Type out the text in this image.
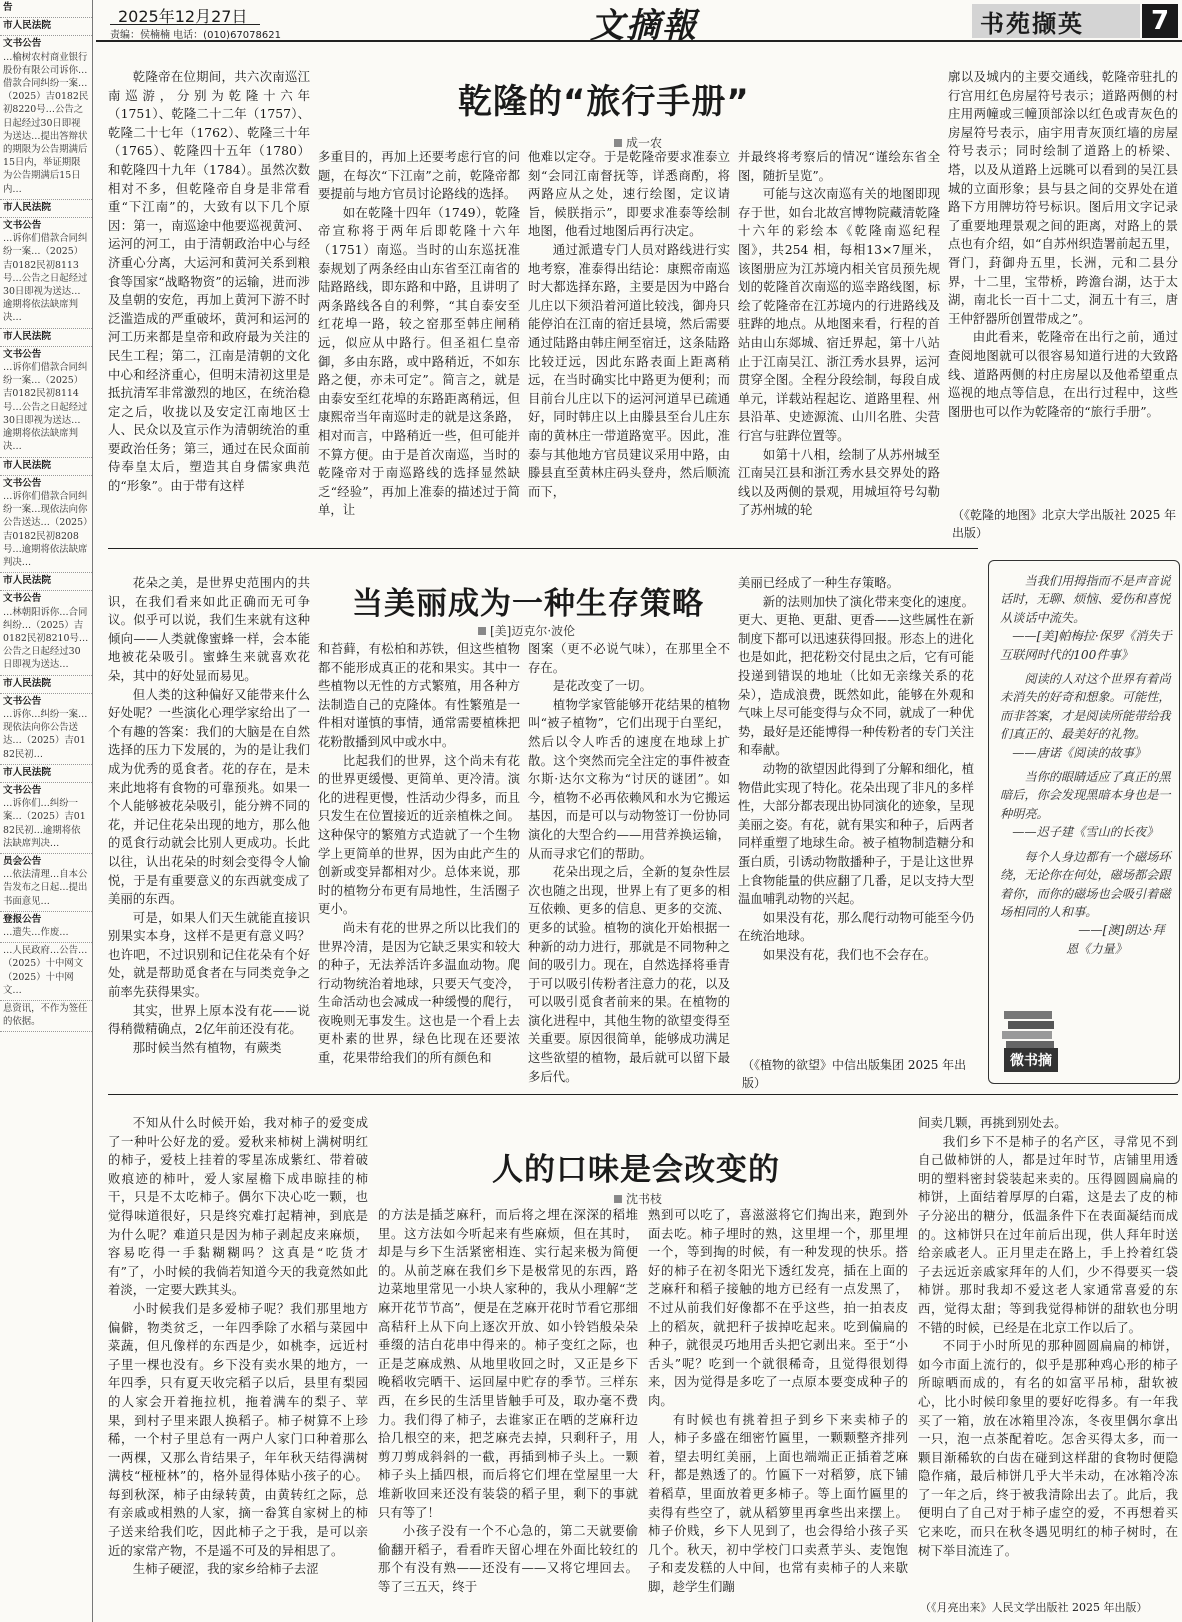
告
市人民法院
文书公告
…榆树农村商业银行股份有限公司诉你…借款合同纠纷一案…（2025）吉0182民初8220号…公告之日起经过30日即视为送达…提出答辩状的期限为公告期满后15日内，举证期限为公告期满后15日内…
市人民法院
文书公告
…诉你们借款合同纠纷一案…（2025）吉0182民初8113号…公告之日起经过30日即视为送达…逾期将依法缺席判决…
市人民法院
文书公告
…诉你们借款合同纠纷一案…（2025）吉0182民初8114号…公告之日起经过30日即视为送达…逾期将依法缺席判决…
市人民法院
文书公告
…诉你们借款合同纠纷一案…现依法向你公告送达…（2025）吉0182民初8208号…逾期将依法缺席判决…
市人民法院
文书公告
…林朝阳诉你…合同纠纷…（2025）吉0182民初8210号…公告之日起经过30日即视为送达…
市人民法院
文书公告
…诉你…纠纷一案…现依法向你公告送达…（2025）吉0182民初…
市人民法院
文书公告
…诉你们…纠纷一案…（2025）吉0182民初…逾期将依法缺席判决…
员会公告
…依法清理…自本公告发布之日起…提出书面意见…
登报公告
…遗失…作废…
…人民政府…公告…（2025）十中网文（2025）十中网文…
息资讯，不作为签任的依据。
2025年12月27日
责编：侯楠楠 电话：(010)67078621	文摘報	书苑撷英	7
乾隆的“旅行手册”
成一农

乾隆帝在位期间，共六次南巡江南巡游，分别为乾隆十六年（1751）、乾隆二十二年（1757）、乾隆二十七年（1762）、乾隆三十年（1765）、乾隆四十五年（1780）和乾隆四十九年（1784）。虽然次数相对不多，但乾隆帝自身是非常看重“下江南”的，大致有以下几个原因：第一，南巡途中他要巡视黄河、运河的河工，由于清朝政治中心与经济重心分离，大运河和黄河关系到粮食等国家“战略物资”的运输，进而涉及皇朝的安危，再加上黄河下游不时泛滥造成的严重破坏，黄河和运河的河工历来都是皇帝和政府最为关注的民生工程；第二，江南是清朝的文化中心和经济重心，但明末清初这里是抵抗清军非常激烈的地区，在统治稳定之后，收拢以及安定江南地区士人、民众以及宣示作为清朝统治的重要政治任务；第三，通过在民众面前侍奉皇太后，塑造其自身儒家典范的“形象”。由于带有这样

多重目的，再加上还要考虑行官的问题，在每次“下江南”之前，乾隆帝都要提前与地方官员讨论路线的选择。

如在乾隆十四年（1749），乾隆帝宣称将于两年后即乾隆十六年（1751）南巡。当时的山东巡抚准泰规划了两条经由山东省至江南省的陆路路线，即东路和中路，且讲明了两条路线各自的利弊，“其自泰安至红花埠一路，较之窑那至韩庄闸稍远，似应从中路行。但圣祖仁皇帝御，多由东路，或中路稍近，不如东路之便，亦未可定”。简言之，就是由泰安至红花埠的东路距离稍远，但康熙帝当年南巡时走的就是这条路，相对而言，中路稍近一些，但可能并不算方便。由于是首次南巡，当时的乾隆帝对于南巡路线的选择显然缺乏“经验”，再加上准泰的描述过于简单，让

他难以定夺。于是乾隆帝要求准泰立刻“会同江南督抚等，详悉商酌，将两路应从之处，速行绘图，定议请旨，候朕指示”，即要求准泰等绘制地图，他看过地图后再行决定。

通过派遣专门人员对路线进行实地考察，准泰得出结论：康熙帝南巡时大都选择东路，主要是因为中路台儿庄以下须沿着河道比较浅，御舟只能停泊在江南的宿迁县境，然后需要通过陆路由韩庄闸至宿迁，这条陆路比较迂远，因此东路表面上距离稍远，在当时确实比中路更为便利；而目前台儿庄以下的运河河道早已疏通好，同时韩庄以上由滕县至台儿庄东南的黄林庄一带道路宽平。因此，准泰与其他地方官员建议采用中路，由滕县直至黄林庄码头登舟，然后顺流而下，

并最终将考察后的情况“谨绘东省全图，随折呈览”。

可能与这次南巡有关的地图即现存于世，如台北故宫博物院藏清乾隆十六年的彩绘本《乾隆南巡纪程图》，共254 相，每相13×7厘米，该图册应为江苏境内相关官员预先规划的乾隆首次南巡的巡幸路线图，标绘了乾隆帝在江苏境内的行进路线及驻跸的地点。从地图来看，行程的首站由山东郯城、宿迁界起，第十八站止于江南吴江、浙江秀水县界，运河贯穿全图。全程分段绘制，每段自成单元，详载站程起讫、道路里程、州县沿革、史迹源流、山川名胜、尖营行宫与驻跸位置等。

如第十八相，绘制了从苏州城至江南吴江县和浙江秀水县交界处的路线以及两侧的景观，用城垣符号勾勒了苏州城的轮

廓以及城内的主要交通线，乾隆帝驻扎的行宫用红色房屋符号表示；道路两侧的村庄用两幢或三幢顶部涂以红色或青灰色的房屋符号表示，庙宇用青灰顶红墙的房屋符号表示；同时绘制了道路上的桥梁、塔，以及从道路上远眺可以看到的吴江县城的立面形象；县与县之间的交界处在道路下方用牌坊符号标识。图后用文字记录了重要地理景观之间的距离，对路上的景点也有介绍，如“自苏州织造署前起五里，胥门，葑御舟五里，长洲，元和二县分界，十二里，宝带桥，跨澹台湖，达于太湖，南北长一百十二丈，洞五十有三，唐王仲舒器所创置带成之”。

由此看来，乾隆帝在出行之前，通过查阅地图就可以很容易知道行进的大致路线、道路两侧的村庄房屋以及他希望重点巡视的地点等信息，在出行过程中，这些图册也可以作为乾隆帝的“旅行手册”。

（《乾隆的地图》北京大学出版社 2025 年出版）
当美丽成为一种生存策略
[美]迈克尔·波伦

花朵之美，是世界史范围内的共识，在我们看来如此正确而无可争议。似乎可以说，我们生来就有这种倾向——人类就像蜜蜂一样，会本能地被花朵吸引。蜜蜂生来就喜欢花朵，其中的好处显而易见。

但人类的这种偏好又能带来什么好处呢？一些演化心理学家给出了一个有趣的答案：我们的大脑是在自然选择的压力下发展的，为的是让我们成为优秀的觅食者。花的存在，是未来此地将有食物的可靠预兆。如果一个人能够被花朵吸引，能分辨不同的花，并记住花朵出现的地方，那么他的觅食行动就会比别人更成功。长此以往，认出花朵的时刻会变得令人愉悦，于是有重要意义的东西就变成了美丽的东西。

可是，如果人们天生就能直接识别果实本身，这样不是更有意义吗？也许吧，不过识别和记住花朵有个好处，就是帮助觅食者在与同类竞争之前率先获得果实。

其实，世界上原本没有花——说得稍微精确点，2亿年前还没有花。

那时候当然有植物，有蕨类

和苔藓，有松柏和苏铁，但这些植物都不能形成真正的花和果实。其中一些植物以无性的方式繁殖，用各种方法制造自己的克隆体。有性繁殖是一件相对谨慎的事情，通常需要植株把花粉散播到风中或水中。

比起我们的世界，这个尚未有花的世界更缓慢、更简单、更冷清。演化的进程更慢，性活动少得多，而且只发生在位置接近的近亲植株之间。这种保守的繁殖方式造就了一个生物学上更简单的世界，因为由此产生的创新或变异都相对少。总体来说，那时的植物分布更有局地性，生活圈子更小。

尚未有花的世界之所以比我们的世界冷清，是因为它缺乏果实和较大的种子，无法养活许多温血动物。爬行动物统治着地球，只要天气变冷，生命活动也会减成一种缓慢的爬行，夜晚则无事发生。这也是一个看上去更朴素的世界，绿色比现在还要浓重，花果带给我们的所有颜色和

图案（更不必说气味），在那里全不存在。

是花改变了一切。

植物学家管能够开花结果的植物叫“被子植物”，它们出现于白垩纪，然后以令人咋舌的速度在地球上扩散。这个突然而完全注定的事件被查尔斯·达尔文称为“讨厌的谜团”。如今，植物不必再依赖风和水为它搬运基因，而是可以与动物签订一份协同演化的大型合约——用营养换运输，从而寻求它们的帮助。

花朵出现之后，全新的复杂性层次也随之出现，世界上有了更多的相互依赖、更多的信息、更多的交流、更多的试验。植物的演化开始根据一种新的动力进行，那就是不同物种之间的吸引力。现在，自然选择将垂青于可以吸引传粉者注意力的花，以及可以吸引觅食者前来的果。在植物的演化进程中，其他生物的欲望变得至关重要。原因很简单，能够成功满足这些欲望的植物，最后就可以留下最多后代。

美丽已经成了一种生存策略。

新的法则加快了演化带来变化的速度。更大、更艳、更甜、更香——这些属性在新制度下都可以迅速获得回报。形态上的进化也是如此，把花粉交付昆虫之后，它有可能投递到错误的地址（比如无亲缘关系的花朵），造成浪费，既然如此，能够在外观和气味上尽可能变得与众不同，就成了一种优势，最好是还能博得一种传粉者的专门关注和奉献。

动物的欲望因此得到了分解和细化，植物借此实现了特化。花朵出现了非凡的多样性，大部分都表现出协同演化的迹象，呈现美丽之姿。有花，就有果实和种子，后两者同样重塑了地球生命。被子植物制造糖分和蛋白质，引诱动物散播种子，于是让这世界上食物能量的供应翻了几番，足以支持大型温血哺乳动物的兴起。

如果没有花，那么爬行动物可能至今仍在统治地球。

如果没有花，我们也不会存在。

（《植物的欲望》中信出版集团 2025 年出版）

当我们用拇指而不是声音说话时，无聊、烦恼、爱伤和喜悦从谈话中流失。

——[美]帕梅拉·保罗《消失于互联网时代的100件事》

阅读的人对这个世界有着尚未消失的好奇和想象。可能性，而非答案，才是阅读所能带给我们真正的、最美好的礼物。

——唐诺《阅读的故事》

当你的眼睛适应了真正的黑暗后，你会发现黑暗本身也是一种明亮。

——迟子建《雪山的长夜》

每个人身边都有一个磁场环绕，无论你在何处，磁场都会跟着你，而你的磁场也会吸引着磁场相同的人和事。

——[澳]朗达·拜恩《力量》

微书摘
人的口味是会改变的
沈书枝

不知从什么时候开始，我对柿子的爱变成了一种叶公好龙的爱。爱秋来柿树上满树明红的柿子，爱枝上挂着的零星冻成紫红、带着破败痕迹的柿叶，爱人家屋檐下成串晾挂的柿干，只是不太吃柿子。偶尔下决心吃一颗，也觉得味道很好，只是终究难打起精神，到底是为什么呢？难道只是因为柿子剥起皮来麻烦，容易吃得一手黏糊糊吗？这真是“吃货才有”了，小时候的我倘若知道今天的我竟然如此着淡，一定要大跌其头。

小时候我们是多爱柿子呢？我们那里地方偏僻，物类贫乏，一年四季除了水稻与菜园中菜蔬，但凡像样的东西是少，如桃李，远近村子里一棵也没有。乡下没有卖水果的地方，一年四季，只有夏天收完稻子以后，县里有梨园的人家会开着拖拉机，拖着满车的梨子、苹果，到村子里来跟人换稻子。柿子树算不上珍稀，一个村子里总有一两户人家门口种着那么一两棵，又那么肯结果子，年年秋天结得满树满枝“桠桠林”的，格外显得体贴小孩子的心。每到秋深，柿子由绿转黄，由黄转红之际，总有亲戚或相熟的人家，摘一畚箕自家树上的柿子送来给我们吃，因此柿子之于我，是可以亲近的家常产物，不是遥不可及的异相思了。

生柿子硬涩，我的家乡给柿子去涩

的方法是插芝麻秆，而后将之埋在深深的稻堆里。这方法如今听起来有些麻烦，但在其时，却是与乡下生活紧密相连、实行起来极为简便的。从前芝麻在我们乡下是极常见的东西，路边菜地里常见一小块人家种的，我从小理解“芝麻开花节节高”，便是在芝麻开花时节看它那细高秸秆上从下向上逐次开放、如小铃铛般朵朵垂缀的洁白花串中得来的。柿子变红之际，也正是芝麻成熟、从地里收回之时，又正是乡下晚稻收完晒干、运回屋中贮存的季节。三样东西，在乡民的生活里皆触手可及，取办毫不费力。我们得了柿子，去谁家正在晒的芝麻秆边拾几根空的来，把芝麻壳去掉，只剩秆子，用剪刀剪成斜斜的一截，再插到柿子头上。一颗柿子头上插四根，而后将它们埋在堂屋里一大堆新收回来还没有装袋的稻子里，剩下的事就只有等了！

小孩子没有一个不心急的，第二天就要偷偷翻开稻子，看看昨天留心埋在外面比较红的那个有没有熟——还没有——又将它埋回去。等了三五天，终于

熟到可以吃了，喜滋滋将它们掏出来，跑到外面去吃。柿子埋时的熟，这里埋一个，那里埋一个，等到掏的时候，有一种发现的快乐。搭好的柿子在初冬阳光下透红发亮，插在上面的芝麻秆和稻子接触的地方已经有一点发黑了，不过从前我们好像都不在乎这些，拍一拍表皮上的稻灰，就把秆子拔掉吃起来。吃到偏扁的种子，就很灵巧地用舌头把它剥出来。至于“小舌头”呢？吃到一个就很稀奇，且觉得很划得来，因为觉得是多吃了一点原本要变成种子的肉。

有时候也有挑着担子到乡下来卖柿子的人，柿子多盛在细密竹匾里，一颗颗整齐排列着，望去明红美丽，上面也端端正正插着芝麻秆，都是熟透了的。竹匾下一对稻箩，底下铺着稻草，里面放着更多柿子。等上面竹匾里的卖得有些空了，就从稻箩里再拿些出来摆上。柿子价贱，乡下人见到了，也会得给小孩子买几个。秋天，初中学校门口卖煮芋头、麦饱饱子和麦发糕的人中间，也常有卖柿子的人来歇脚，趁学生们蹦

间卖几颗，再挑到别处去。

我们乡下不是柿子的名产区，寻常见不到自己做柿饼的人，都是过年时节，店铺里用透明的塑料密封袋装起来卖的。压得圆圆扁扁的柿饼，上面结着厚厚的白霜，这是去了皮的柿子分泌出的糖分，低温条件下在表面凝结而成的。这柿饼只在过年前后出现，供人拜年时送给亲戚老人。正月里走在路上，手上拎着红袋子去远近亲戚家拜年的人们，少不得要买一袋柿饼。那时我却不爱这老人家通常喜爱的东西，觉得太甜；等到我觉得柿饼的甜软也分明不错的时候，已经是在北京工作以后了。

不同于小时所见的那种圆圆扁扁的柿饼，如今市面上流行的，似乎是那种鸡心形的柿子所晾晒而成的，有名的如富平吊柿，甜软被心，比小时候印象里的要好吃得多。有一年我买了一箱，放在冰箱里冷冻，冬夜里偶尔拿出一只，泡一点茶配着吃。怎舍买得太多，而一颗目渐稀软的白齿在碰到这样甜的食物时便隐隐作痛，最后柿饼几乎大半未动，在冰箱冷冻了一年之后，终于被我清除出去了。此后，我便明白了自己对于柿子虚空的爱，不再想着买它来吃，而只在秋冬遇见明红的柿子树时，在树下举目流连了。

（《月亮出来》人民文学出版社 2025 年出版）
